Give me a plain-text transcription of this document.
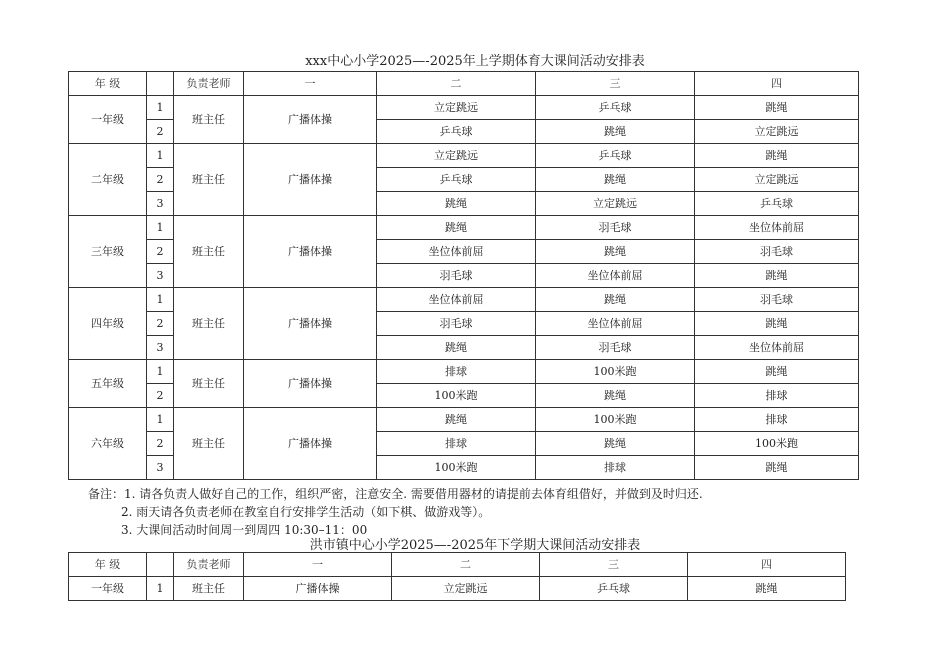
xxx中心小学2025—-2025年上学期体育大课间活动安排表
年 级		负责老师	一	二	三	四
一年级	1	班主任	广播体操	立定跳远	乒乓球	跳绳
	2			乒乓球	跳绳	立定跳远
二年级	1	班主任	广播体操	立定跳远	乒乓球	跳绳
	2			乒乓球	跳绳	立定跳远
	3			跳绳	立定跳远	乒乓球
三年级	1	班主任	广播体操	跳绳	羽毛球	坐位体前屈
	2			坐位体前屈	跳绳	羽毛球
	3			羽毛球	坐位体前屈	跳绳
四年级	1	班主任	广播体操	坐位体前屈	跳绳	羽毛球
	2			羽毛球	坐位体前屈	跳绳
	3			跳绳	羽毛球	坐位体前屈
五年级	1	班主任	广播体操	排球	100米跑	跳绳
	2			100米跑	跳绳	排球
六年级	1	班主任	广播体操	跳绳	100米跑	排球
	2			排球	跳绳	100米跑
	3			100米跑	排球	跳绳
备注：1. 请各负责人做好自己的工作，组织严密，注意安全. 需要借用器材的请提前去体育组借好，并做到及时归还.
2. 雨天请各负责老师在教室自行安排学生活动（如下棋、做游戏等）。
3. 大课间活动时间周一到周四 10:30–11：00
洪市镇中心小学2025—-2025年下学期大课间活动安排表
年 级		负责老师	一	二	三	四
一年级	1	班主任	广播体操	立定跳远	乒乓球	跳绳
